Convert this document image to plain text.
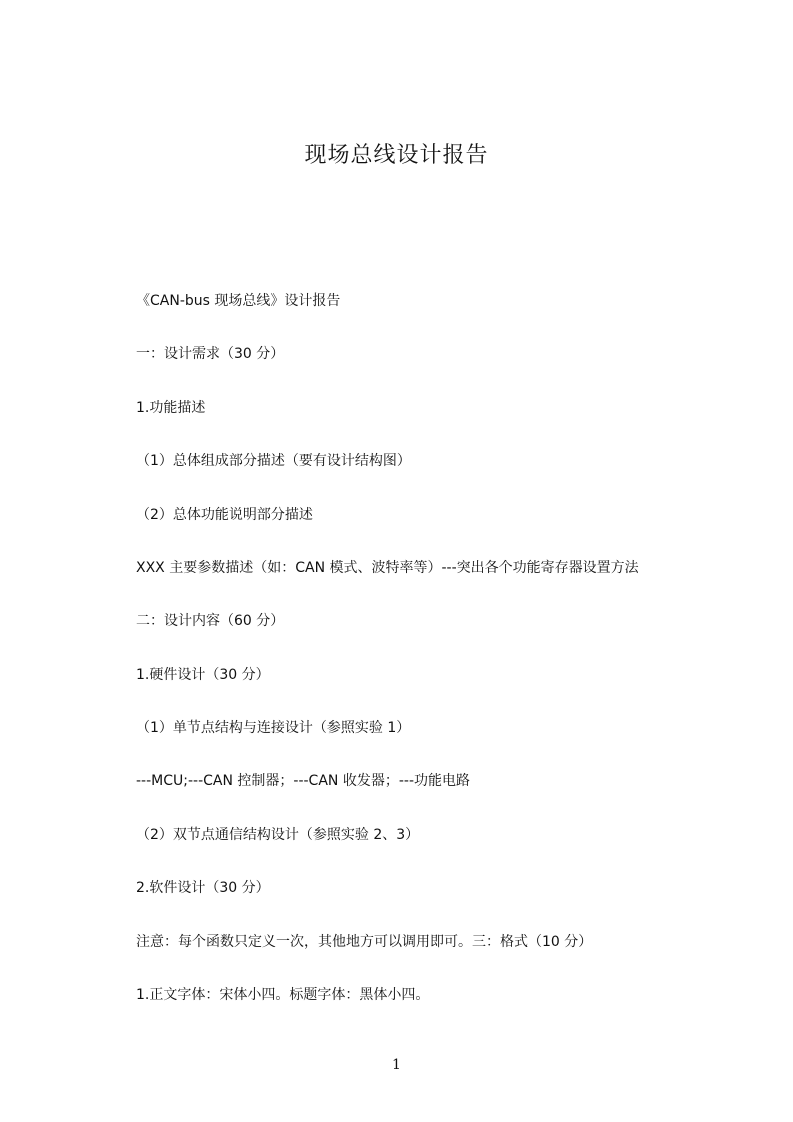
现场总线设计报告

《CAN-bus 现场总线》设计报告

一：设计需求（30 分）

1.功能描述

（1）总体组成部分描述（要有设计结构图）

（2）总体功能说明部分描述

XXX 主要参数描述（如：CAN 模式、波特率等）---突出各个功能寄存器设置方法

二：设计内容（60 分）

1.硬件设计（30 分）

（1）单节点结构与连接设计（参照实验 1）

---MCU;---CAN 控制器；---CAN 收发器；---功能电路

（2）双节点通信结构设计（参照实验 2、3）

2.软件设计（30 分）

注意：每个函数只定义一次，其他地方可以调用即可。三：格式（10 分）

1.正文字体：宋体小四。标题字体：黑体小四。

1
